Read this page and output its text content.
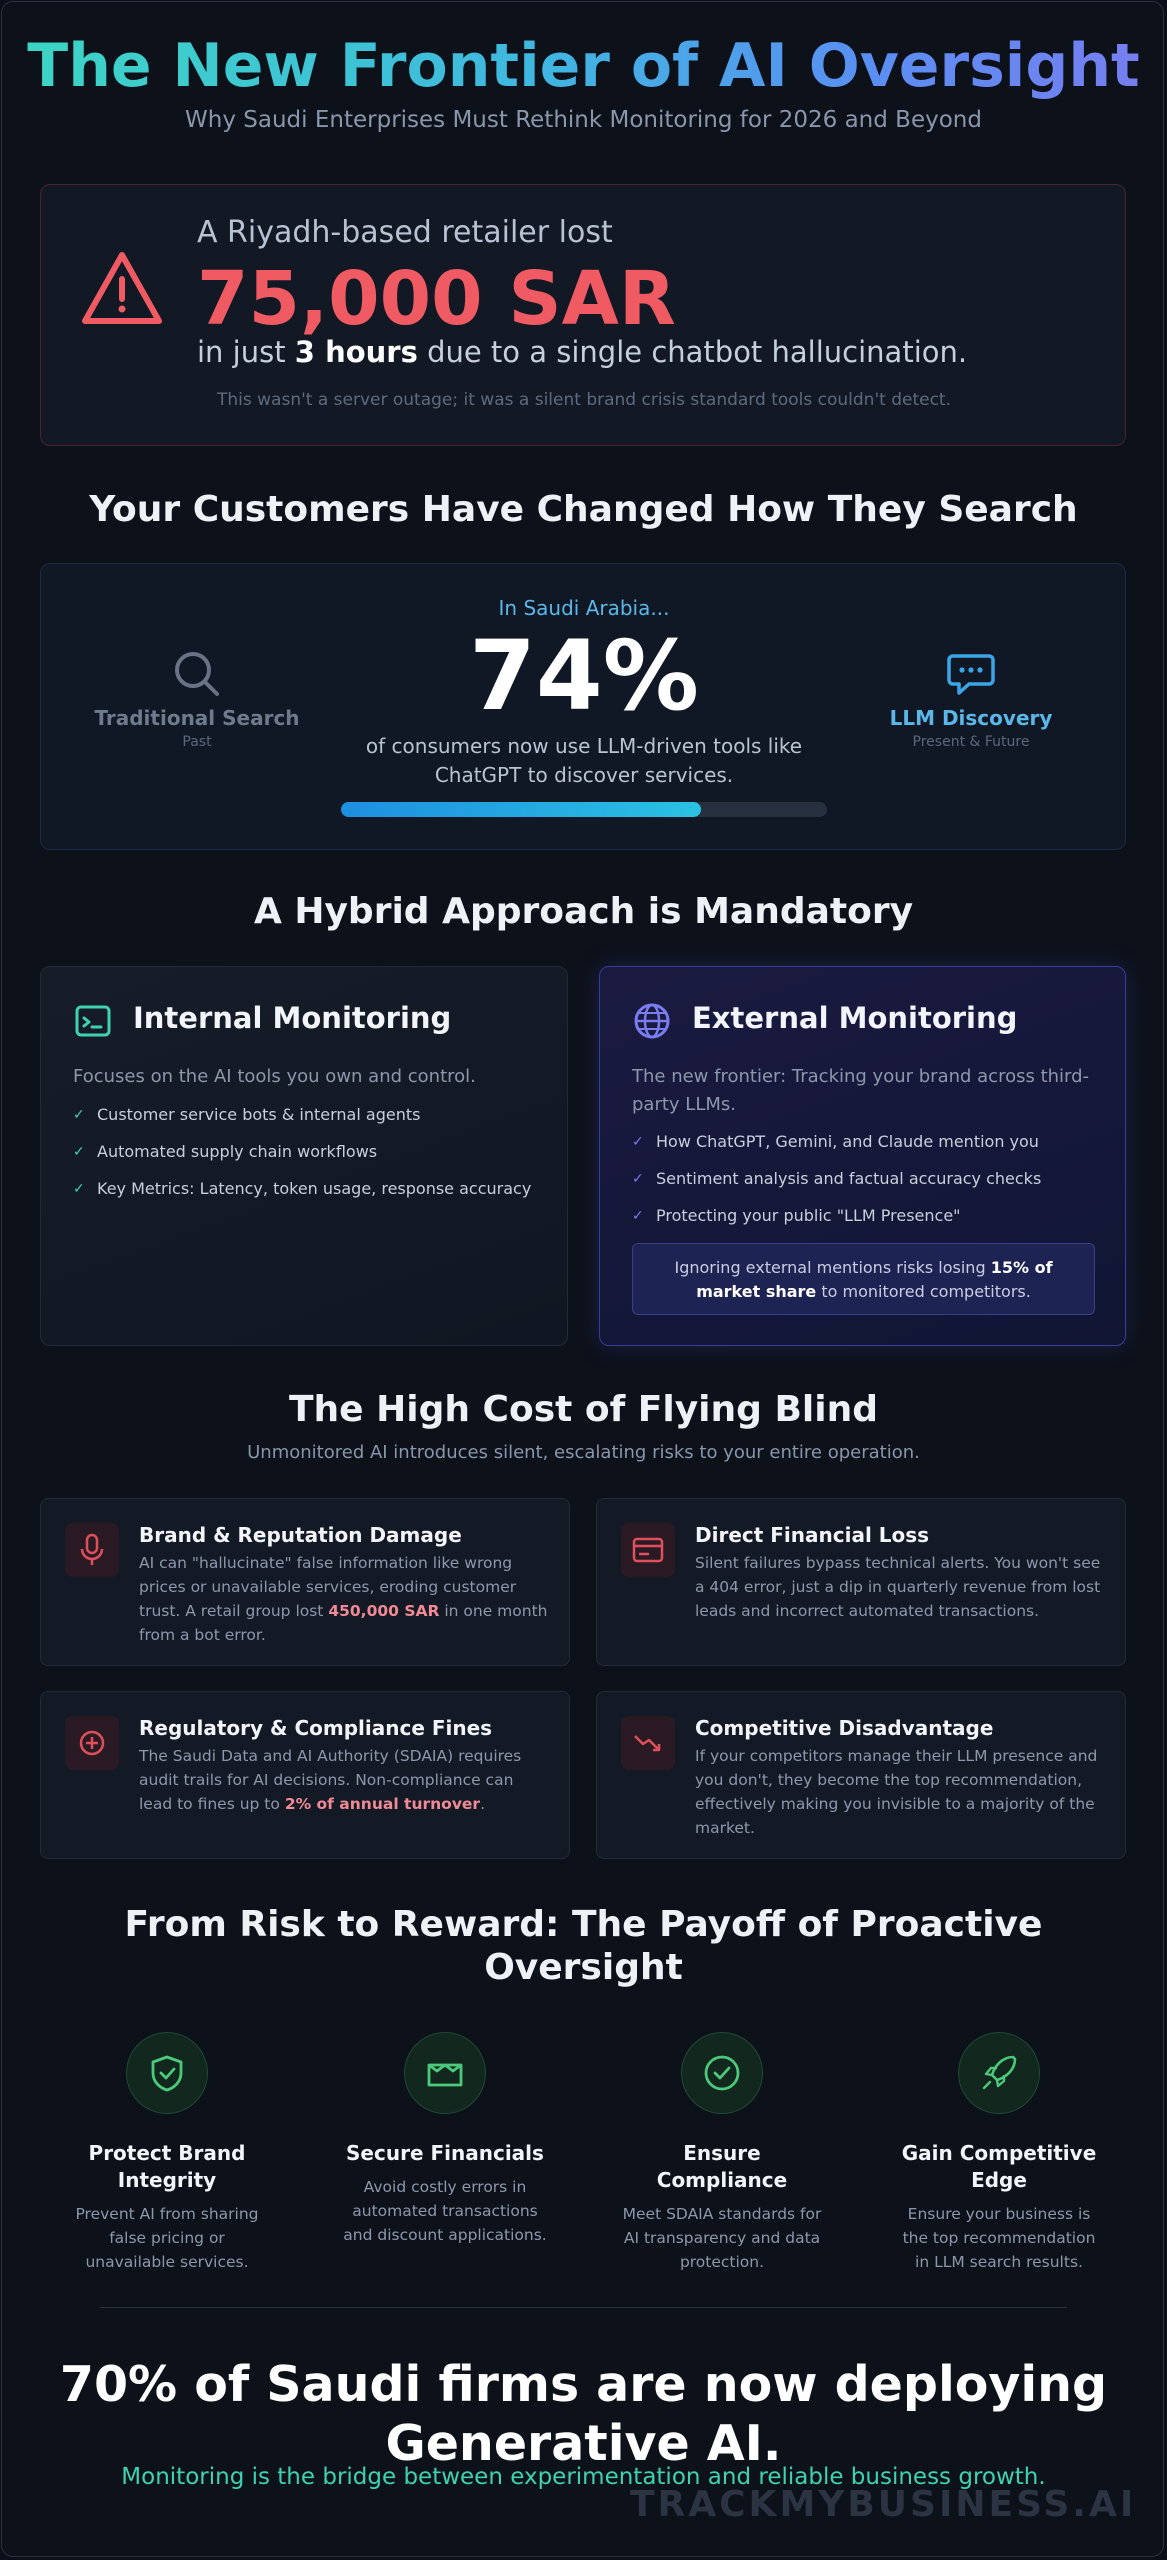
The New Frontier of AI Oversight
Why Saudi Enterprises Must Rethink Monitoring for 2026 and Beyond
A Riyadh-based retailer lost
75,000 SAR
in just 3 hours due to a single chatbot hallucination.
This wasn't a server outage; it was a silent brand crisis standard tools couldn't detect.
Your Customers Have Changed How They Search
Traditional Search
Past
In Saudi Arabia...
74%
of consumers now use LLM-driven tools like ChatGPT to discover services.
LLM Discovery
Present & Future
A Hybrid Approach is Mandatory
Internal Monitoring
Focuses on the AI tools you own and control.
✓ Customer service bots & internal agents
✓ Automated supply chain workflows
✓ Key Metrics: Latency, token usage, response accuracy
External Monitoring
The new frontier: Tracking your brand across third-party LLMs.
✓ How ChatGPT, Gemini, and Claude mention you
✓ Sentiment analysis and factual accuracy checks
✓ Protecting your public "LLM Presence"
Ignoring external mentions risks losing 15% of market share to monitored competitors.
The High Cost of Flying Blind
Unmonitored AI introduces silent, escalating risks to your entire operation.
Brand & Reputation Damage
AI can "hallucinate" false information like wrong prices or unavailable services, eroding customer trust. A retail group lost 450,000 SAR in one month from a bot error.
Direct Financial Loss
Silent failures bypass technical alerts. You won't see a 404 error, just a dip in quarterly revenue from lost leads and incorrect automated transactions.
Regulatory & Compliance Fines
The Saudi Data and AI Authority (SDAIA) requires audit trails for AI decisions. Non-compliance can lead to fines up to 2% of annual turnover.
Competitive Disadvantage
If your competitors manage their LLM presence and you don't, they become the top recommendation, effectively making you invisible to a majority of the market.
From Risk to Reward: The Payoff of Proactive Oversight
Protect Brand Integrity
Prevent AI from sharing false pricing or unavailable services.
Secure Financials
Avoid costly errors in automated transactions and discount applications.
Ensure Compliance
Meet SDAIA standards for AI transparency and data protection.
Gain Competitive Edge
Ensure your business is the top recommendation in LLM search results.
70% of Saudi firms are now deploying Generative AI.
Monitoring is the bridge between experimentation and reliable business growth.
TRACKMYBUSINESS.AI
